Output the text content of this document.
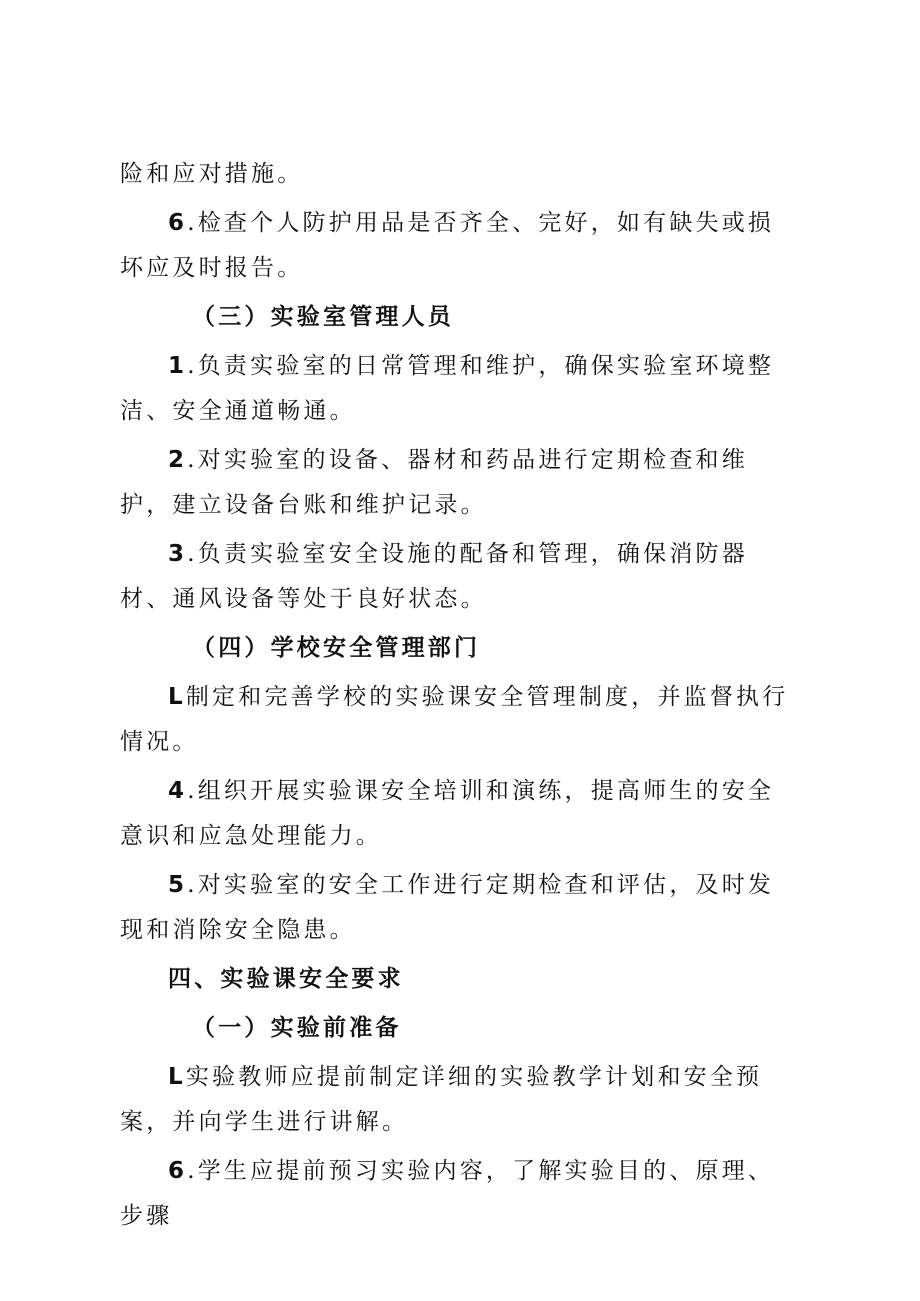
险和应对措施。

6.检查个人防护用品是否齐全、完好，如有缺失或损坏应及时报告。

（三）实验室管理人员

1.负责实验室的日常管理和维护，确保实验室环境整洁、安全通道畅通。

2.对实验室的设备、器材和药品进行定期检查和维护，建立设备台账和维护记录。

3.负责实验室安全设施的配备和管理，确保消防器材、通风设备等处于良好状态。

（四）学校安全管理部门

L制定和完善学校的实验课安全管理制度，并监督执行情况。

4.组织开展实验课安全培训和演练，提高师生的安全意识和应急处理能力。

5.对实验室的安全工作进行定期检查和评估，及时发现和消除安全隐患。

四、实验课安全要求

（一）实验前准备

L实验教师应提前制定详细的实验教学计划和安全预案，并向学生进行讲解。

6.学生应提前预习实验内容，了解实验目的、原理、步骤
